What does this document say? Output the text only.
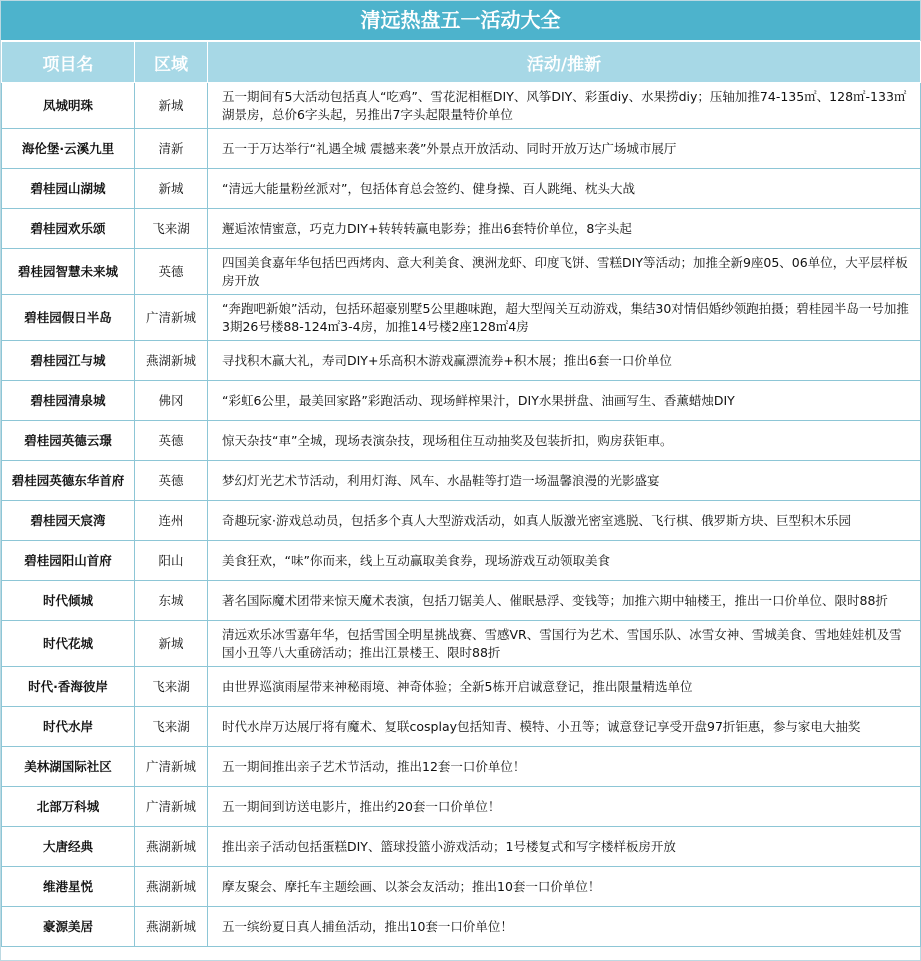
清远热盘五一活动大全
项目名	区域	活动/推新
凤城明珠	新城	五一期间有5大活动包括真人“吃鸡”、雪花泥相框DIY、风筝DIY、彩蛋diy、水果捞diy；压轴加推74-135㎡、128㎡-133㎡湖景房，总价6字头起，另推出7字头起限量特价单位
海伦堡·云溪九里	清新	五一于万达举行“礼遇全城 震撼来袭”外景点开放活动、同时开放万达广场城市展厅
碧桂园山湖城	新城	“清远大能量粉丝派对”，包括体育总会签约、健身操、百人跳绳、枕头大战
碧桂园欢乐颂	飞来湖	邂逅浓情蜜意，巧克力DIY+转转转赢电影券；推出6套特价单位，8字头起
碧桂园智慧未来城	英德	四国美食嘉年华包括巴西烤肉、意大利美食、澳洲龙虾、印度飞饼、雪糕DIY等活动；加推全新9座05、06单位，大平层样板房开放
碧桂园假日半岛	广清新城	“奔跑吧新娘”活动，包括环超豪别墅5公里趣味跑，超大型闯关互动游戏，集结30对情侣婚纱领跑拍摄；碧桂园半岛一号加推3期26号楼88-124㎡3-4房，加推14号楼2座128㎡4房
碧桂园江与城	燕湖新城	寻找积木赢大礼，寿司DIY+乐高积木游戏赢漂流券+积木展；推出6套一口价单位
碧桂园清泉城	佛冈	“彩虹6公里，最美回家路”彩跑活动、现场鲜榨果汁，DIY水果拼盘、油画写生、香薰蜡烛DIY
碧桂园英德云璟	英德	惊天杂技“車”全城，现场表演杂技，现场租住互动抽奖及包装折扣，购房获钜車。
碧桂园英德东华首府	英德	梦幻灯光艺术节活动，利用灯海、风车、水晶鞋等打造一场温馨浪漫的光影盛宴
碧桂园天宸湾	连州	奇趣玩家·游戏总动员，包括多个真人大型游戏活动，如真人版激光密室逃脱、飞行棋、俄罗斯方块、巨型积木乐园
碧桂园阳山首府	阳山	美食狂欢，“味”你而来，线上互动赢取美食券，现场游戏互动领取美食
时代倾城	东城	著名国际魔术团带来惊天魔术表演，包括刀锯美人、催眠悬浮、变钱等；加推六期中轴楼王，推出一口价单位、限时88折
时代花城	新城	清远欢乐冰雪嘉年华，包括雪国全明星挑战赛、雪感VR、雪国行为艺术、雪国乐队、冰雪女神、雪城美食、雪地娃娃机及雪国小丑等八大重磅活动；推出江景楼王、限时88折
时代·香海彼岸	飞来湖	由世界巡演雨屋带来神秘雨境、神奇体验；全新5栋开启诚意登记，推出限量精选单位
时代水岸	飞来湖	时代水岸万达展厅将有魔术、复联cosplay包括知青、模特、小丑等；诚意登记享受开盘97折钜惠，参与家电大抽奖
美林湖国际社区	广清新城	五一期间推出亲子艺术节活动，推出12套一口价单位！
北部万科城	广清新城	五一期间到访送电影片，推出约20套一口价单位！
大唐经典	燕湖新城	推出亲子活动包括蛋糕DIY、篮球投篮小游戏活动；1号楼复式和写字楼样板房开放
维港星悦	燕湖新城	摩友聚会、摩托车主题绘画、以茶会友活动；推出10套一口价单位！
豪源美居	燕湖新城	五一缤纷夏日真人捕鱼活动，推出10套一口价单位！
